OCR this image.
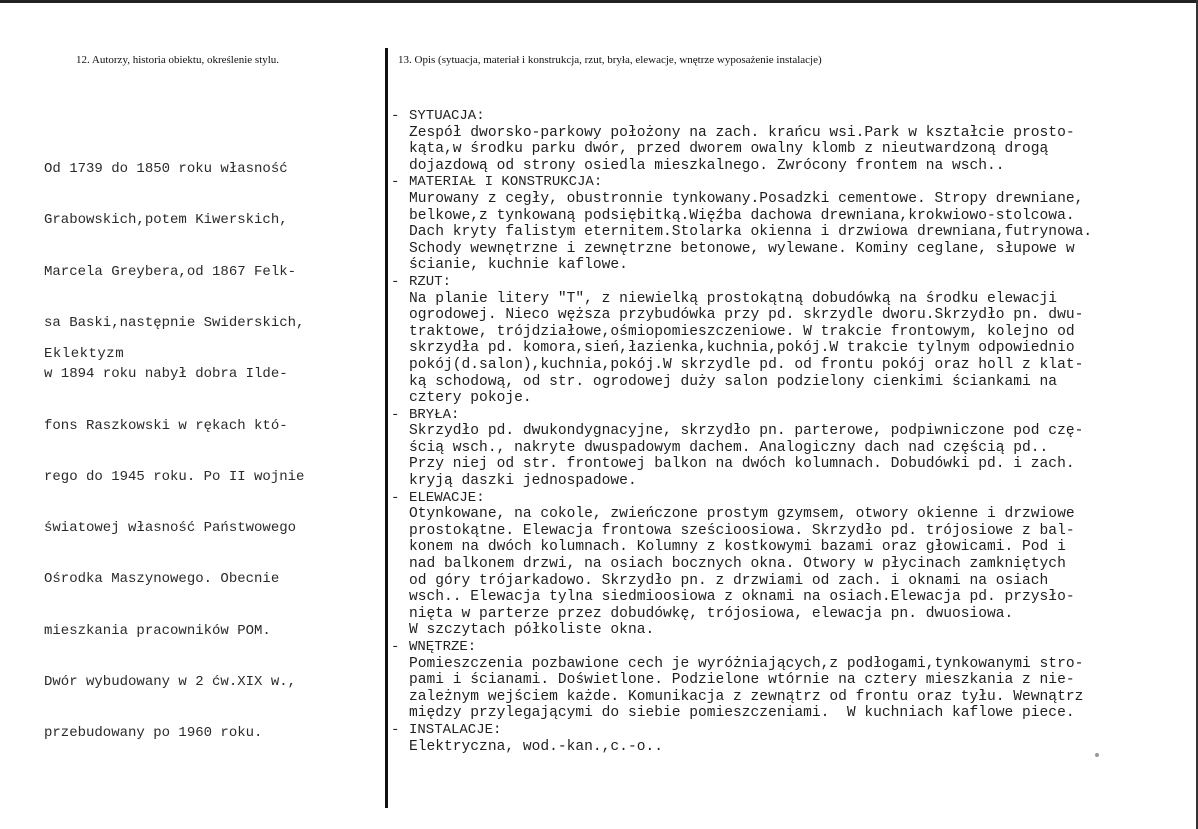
12. Autorzy, historia obiektu, określenie stylu.	13. Opis (sytuacja, materiał i konstrukcja, rzut, bryła, elewacje, wnętrze wyposażenie instalacje)

Od 1739 do 1850 roku własność

Grabowskich,potem Kiwerskich,

Marcela Greybera,od 1867 Felk-

sa Baski,następnie Swiderskich,

w 1894 roku nabył dobra Ilde-

fons Raszkowski w rękach któ-

rego do 1945 roku. Po II wojnie

światowej własność Państwowego

Ośrodka Maszynowego. Obecnie

mieszkania pracowników POM.

Dwór wybudowany w 2 ćw.XIX w.,

przebudowany po 1960 roku.

Eklektyzm
- SYTUACJA:
Zespół dworsko-parkowy położony na zach. krańcu wsi.Park w kształcie prosto-
kąta,w środku parku dwór, przed dworem owalny klomb z nieutwardzoną drogą
dojazdową od strony osiedla mieszkalnego. Zwrócony frontem na wsch..
- MATERIAŁ I KONSTRUKCJA:
Murowany z cegły, obustronnie tynkowany.Posadzki cementowe. Stropy drewniane,
belkowe,z tynkowaną podsiębitką.Więźba dachowa drewniana,krokwiowo-stolcowa.
Dach kryty falistym eternitem.Stolarka okienna i drzwiowa drewniana,futrynowa.
Schody wewnętrzne i zewnętrzne betonowe, wylewane. Kominy ceglane, słupowe w
ścianie, kuchnie kaflowe.
- RZUT:
Na planie litery "T", z niewielką prostokątną dobudówką na środku elewacji
ogrodowej. Nieco węższa przybudówka przy pd. skrzydle dworu.Skrzydło pn. dwu-
traktowe, trójdziałowe,ośmiopomieszczeniowe. W trakcie frontowym, kolejno od
skrzydła pd. komora,sień,łazienka,kuchnia,pokój.W trakcie tylnym odpowiednio
pokój(d.salon),kuchnia,pokój.W skrzydle pd. od frontu pokój oraz holl z klat-
ką schodową, od str. ogrodowej duży salon podzielony cienkimi ściankami na
cztery pokoje.
- BRYŁA:
Skrzydło pd. dwukondygnacyjne, skrzydło pn. parterowe, podpiwniczone pod czę-
ścią wsch., nakryte dwuspadowym dachem. Analogiczny dach nad częścią pd..
Przy niej od str. frontowej balkon na dwóch kolumnach. Dobudówki pd. i zach.
kryją daszki jednospadowe.
- ELEWACJE:
Otynkowane, na cokole, zwieńczone prostym gzymsem, otwory okienne i drzwiowe
prostokątne. Elewacja frontowa sześcioosiowa. Skrzydło pd. trójosiowe z bal-
konem na dwóch kolumnach. Kolumny z kostkowymi bazami oraz głowicami. Pod i
nad balkonem drzwi, na osiach bocznych okna. Otwory w płycinach zamkniętych
od góry trójarkadowo. Skrzydło pn. z drzwiami od zach. i oknami na osiach
wsch.. Elewacja tylna siedmioosiowa z oknami na osiach.Elewacja pd. przysło-
nięta w parterze przez dobudówkę, trójosiowa, elewacja pn. dwuosiowa.
W szczytach półkoliste okna.
- WNĘTRZE:
Pomieszczenia pozbawione cech je wyróżniających,z podłogami,tynkowanymi stro-
pami i ścianami. Doświetlone. Podzielone wtórnie na cztery mieszkania z nie-
zależnym wejściem każde. Komunikacja z zewnątrz od frontu oraz tyłu. Wewnątrz
między przylegającymi do siebie pomieszczeniami.  W kuchniach kaflowe piece.
- INSTALACJE:
Elektryczna, wod.-kan.,c.-o..
